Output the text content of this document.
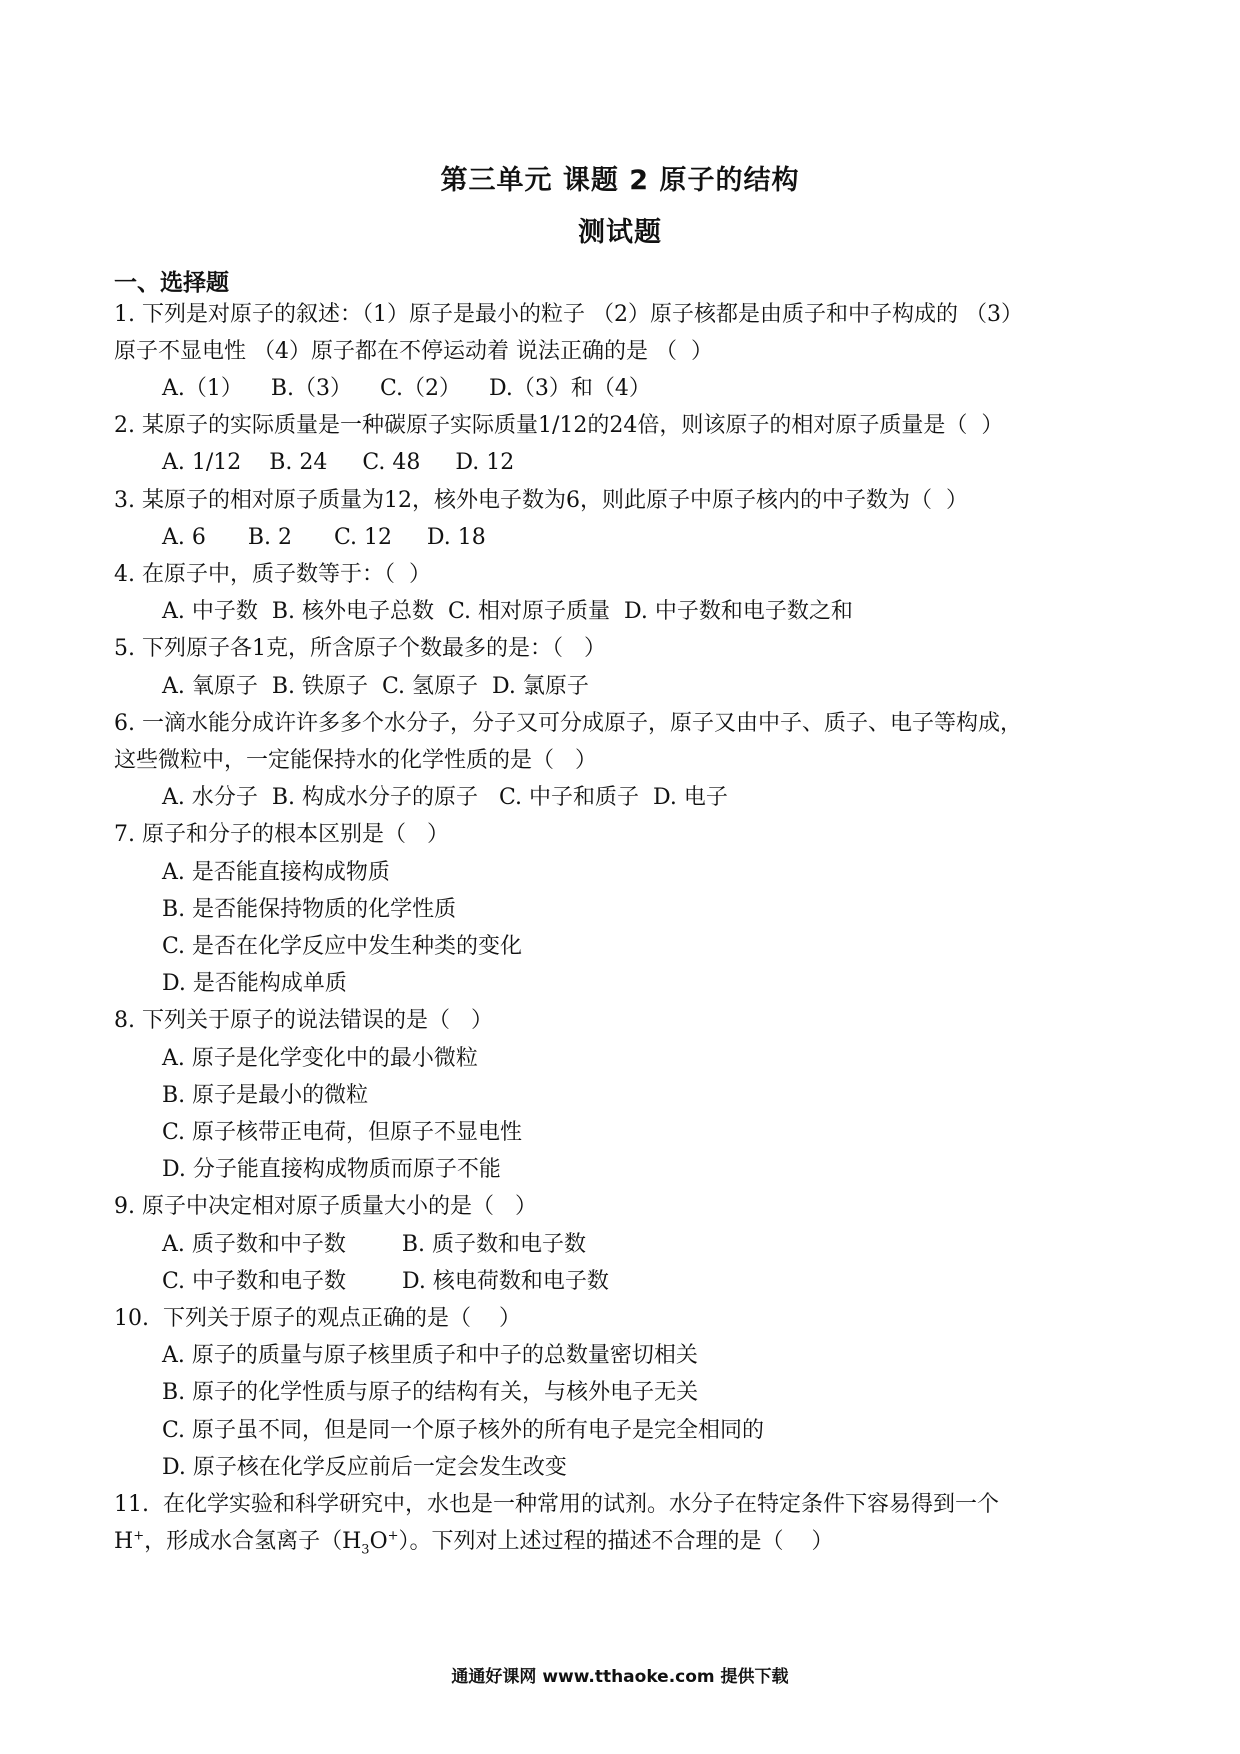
第三单元 课题 2 原子的结构
测试题
一、选择题
1. 下列是对原子的叙述：（1）原子是最小的粒子 （2）原子核都是由质子和中子构成的 （3）
原子不显电性 （4）原子都在不停运动着 说法正确的是 （  ）
A.（1）    B.（3）    C.（2）    D.（3）和（4）
2. 某原子的实际质量是一种碳原子实际质量1/12的24倍，则该原子的相对原子质量是（  ）
A. 1/12    B. 24     C. 48     D. 12
3. 某原子的相对原子质量为12，核外电子数为6，则此原子中原子核内的中子数为（  ）
A. 6      B. 2      C. 12     D. 18
4. 在原子中，质子数等于：（  ）
A. 中子数  B. 核外电子总数  C. 相对原子质量  D. 中子数和电子数之和
5. 下列原子各1克，所含原子个数最多的是：（   ）
A. 氧原子  B. 铁原子  C. 氢原子  D. 氯原子
6. 一滴水能分成许许多多个水分子，分子又可分成原子，原子又由中子、质子、电子等构成，
这些微粒中，一定能保持水的化学性质的是（   ）
A. 水分子  B. 构成水分子的原子   C. 中子和质子  D. 电子
7. 原子和分子的根本区别是（   ）
A. 是否能直接构成物质
B. 是否能保持物质的化学性质
C. 是否在化学反应中发生种类的变化
D. 是否能构成单质
8. 下列关于原子的说法错误的是（   ）
A. 原子是化学变化中的最小微粒
B. 原子是最小的微粒
C. 原子核带正电荷，但原子不显电性
D. 分子能直接构成物质而原子不能
9. 原子中决定相对原子质量大小的是（   ）
A. 质子数和中子数        B. 质子数和电子数
C. 中子数和电子数        D. 核电荷数和电子数
10.  下列关于原子的观点正确的是（    ）
A. 原子的质量与原子核里质子和中子的总数量密切相关
B. 原子的化学性质与原子的结构有关，与核外电子无关
C. 原子虽不同，但是同一个原子核外的所有电子是完全相同的
D. 原子核在化学反应前后一定会发生改变
11.  在化学实验和科学研究中，水也是一种常用的试剂。水分子在特定条件下容易得到一个
H+，形成水合氢离子$(H_3O^+)$。下列对上述过程的描述不合理的是（    ）
通通好课网 www.tthaoke.com 提供下载
